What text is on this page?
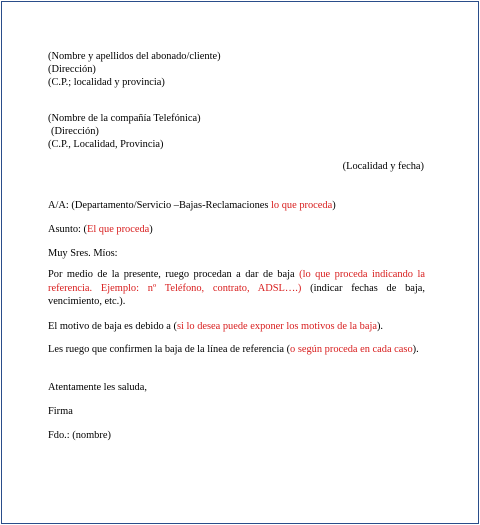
(Nombre y apellidos del abonado/cliente)

(Dirección)

(C.P.; localidad y provincia)

(Nombre de la compañía Telefónica)

(Dirección)

(C.P., Localidad, Provincia)

(Localidad y fecha)

A/A: (Departamento/Servicio –Bajas-Reclamaciones lo que proceda)

Asunto: (El que proceda)

Muy Sres. Míos:

Por medio de la presente, ruego procedan a dar de baja (lo que proceda indicando la referencia. Ejemplo: nº Teléfono, contrato, ADSL….) (indicar fechas de baja, vencimiento, etc.).

El motivo de baja es debido a (si lo desea puede exponer los motivos de la baja).

Les ruego que confirmen la baja de la línea de referencia (o según proceda en cada caso).

Atentamente les saluda,

Firma

Fdo.: (nombre)
